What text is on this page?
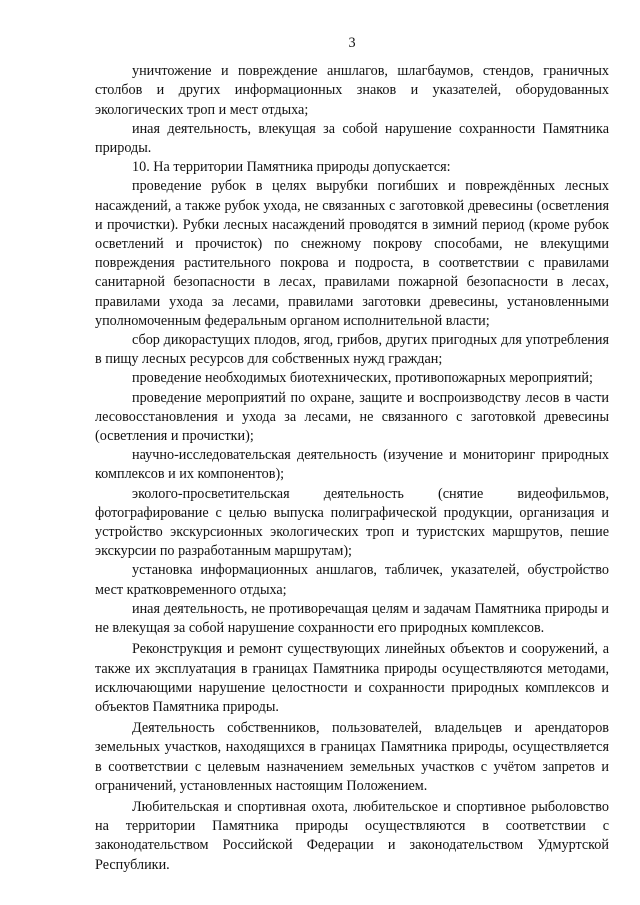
3

уничтожение и повреждение аншлагов, шлагбаумов, стендов, граничных столбов и других информационных знаков и указателей, оборудованных экологических троп и мест отдыха;

иная деятельность, влекущая за собой нарушение сохранности Памятника природы.

10. На территории Памятника природы допускается:

проведение рубок в целях вырубки погибших и повреждённых лесных насаждений, а также рубок ухода, не связанных с заготовкой древесины (осветления и прочистки). Рубки лесных насаждений проводятся в зимний период (кроме рубок осветлений и прочисток) по снежному покрову способами, не влекущими повреждения растительного покрова и подроста, в соответствии с правилами санитарной безопасности в лесах, правилами пожарной безопасности в лесах, правилами ухода за лесами, правилами заготовки древесины, установленными уполномоченным федеральным органом исполнительной власти;

сбор дикорастущих плодов, ягод, грибов, других пригодных для употребления в пищу лесных ресурсов для собственных нужд граждан;

проведение необходимых биотехнических, противопожарных мероприятий;

проведение мероприятий по охране, защите и воспроизводству лесов в части лесовосстановления и ухода за лесами, не связанного с заготовкой древесины (осветления и прочистки);

научно-исследовательская деятельность (изучение и мониторинг природных комплексов и их компонентов);

эколого-просветительская деятельность (снятие видеофильмов, фотографирование с целью выпуска полиграфической продукции, организация и устройство экскурсионных экологических троп и туристских маршрутов, пешие экскурсии по разработанным маршрутам);

установка информационных аншлагов, табличек, указателей, обустройство мест кратковременного отдыха;

иная деятельность, не противоречащая целям и задачам Памятника природы и не влекущая за собой нарушение сохранности его природных комплексов.

Реконструкция и ремонт существующих линейных объектов и сооружений, а также их эксплуатация в границах Памятника природы осуществляются методами, исключающими нарушение целостности и сохранности природных комплексов и объектов Памятника природы.

Деятельность собственников, пользователей, владельцев и арендаторов земельных участков, находящихся в границах Памятника природы, осуществляется в соответствии с целевым назначением земельных участков с учётом запретов и ограничений, установленных настоящим Положением.

Любительская и спортивная охота, любительское и спортивное рыболовство на территории Памятника природы осуществляются в соответствии с законодательством Российской Федерации и законодательством Удмуртской Республики.
